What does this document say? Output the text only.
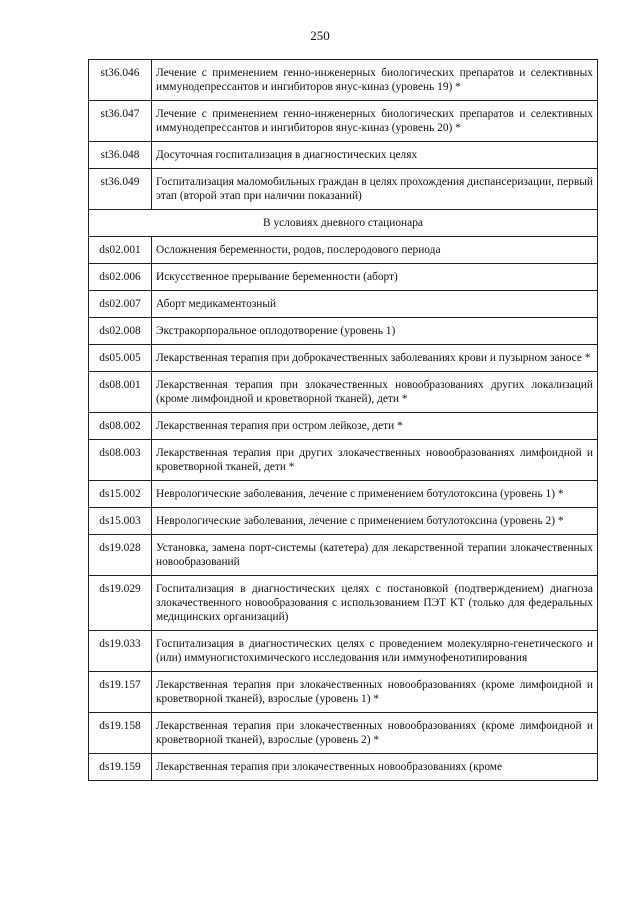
250
st36.046	Лечение с применением генно-инженерных биологических препаратов и селективных иммунодепрессантов и ингибиторов янус-киназ (уровень 19) *
st36.047	Лечение с применением генно-инженерных биологических препаратов и селективных иммунодепрессантов и ингибиторов янус-киназ (уровень 20) *
st36.048	Досуточная госпитализация в диагностических целях
st36.049	Госпитализация маломобильных граждан в целях прохождения диспансеризации, первый этап (второй этап при наличии показаний)
В условиях дневного стационара	
ds02.001	Осложнения беременности, родов, послеродового периода
ds02.006	Искусственное прерывание беременности (аборт)
ds02.007	Аборт медикаментозный
ds02.008	Экстракорпоральное оплодотворение (уровень 1)
ds05.005	Лекарственная терапия при доброкачественных заболеваниях крови и пузырном заносе *
ds08.001	Лекарственная терапия при злокачественных новообразованиях других локализаций (кроме лимфоидной и кроветворной тканей), дети *
ds08.002	Лекарственная терапия при остром лейкозе, дети *
ds08.003	Лекарственная терапия при других злокачественных новообразованиях лимфоидной и кроветворной тканей, дети *
ds15.002	Неврологические заболевания, лечение с применением ботулотоксина (уровень 1) *
ds15.003	Неврологические заболевания, лечение с применением ботулотоксина (уровень 2) *
ds19.028	Установка, замена порт-системы (катетера) для лекарственной терапии злокачественных новообразований
ds19.029	Госпитализация в диагностических целях с постановкой (подтверждением) диагноза злокачественного новообразования с использованием ПЭТ КТ (только для федеральных медицинских организаций)
ds19.033	Госпитализация в диагностических целях с проведением молекулярно-генетического и (или) иммуногистохимического исследования или иммунофенотипирования
ds19.157	Лекарственная терапия при злокачественных новообразованиях (кроме лимфоидной и кроветворной тканей), взрослые (уровень 1) *
ds19.158	Лекарственная терапия при злокачественных новообразованиях (кроме лимфоидной и кроветворной тканей), взрослые (уровень 2) *
ds19.159	Лекарственная терапия при злокачественных новообразованиях (кроме
